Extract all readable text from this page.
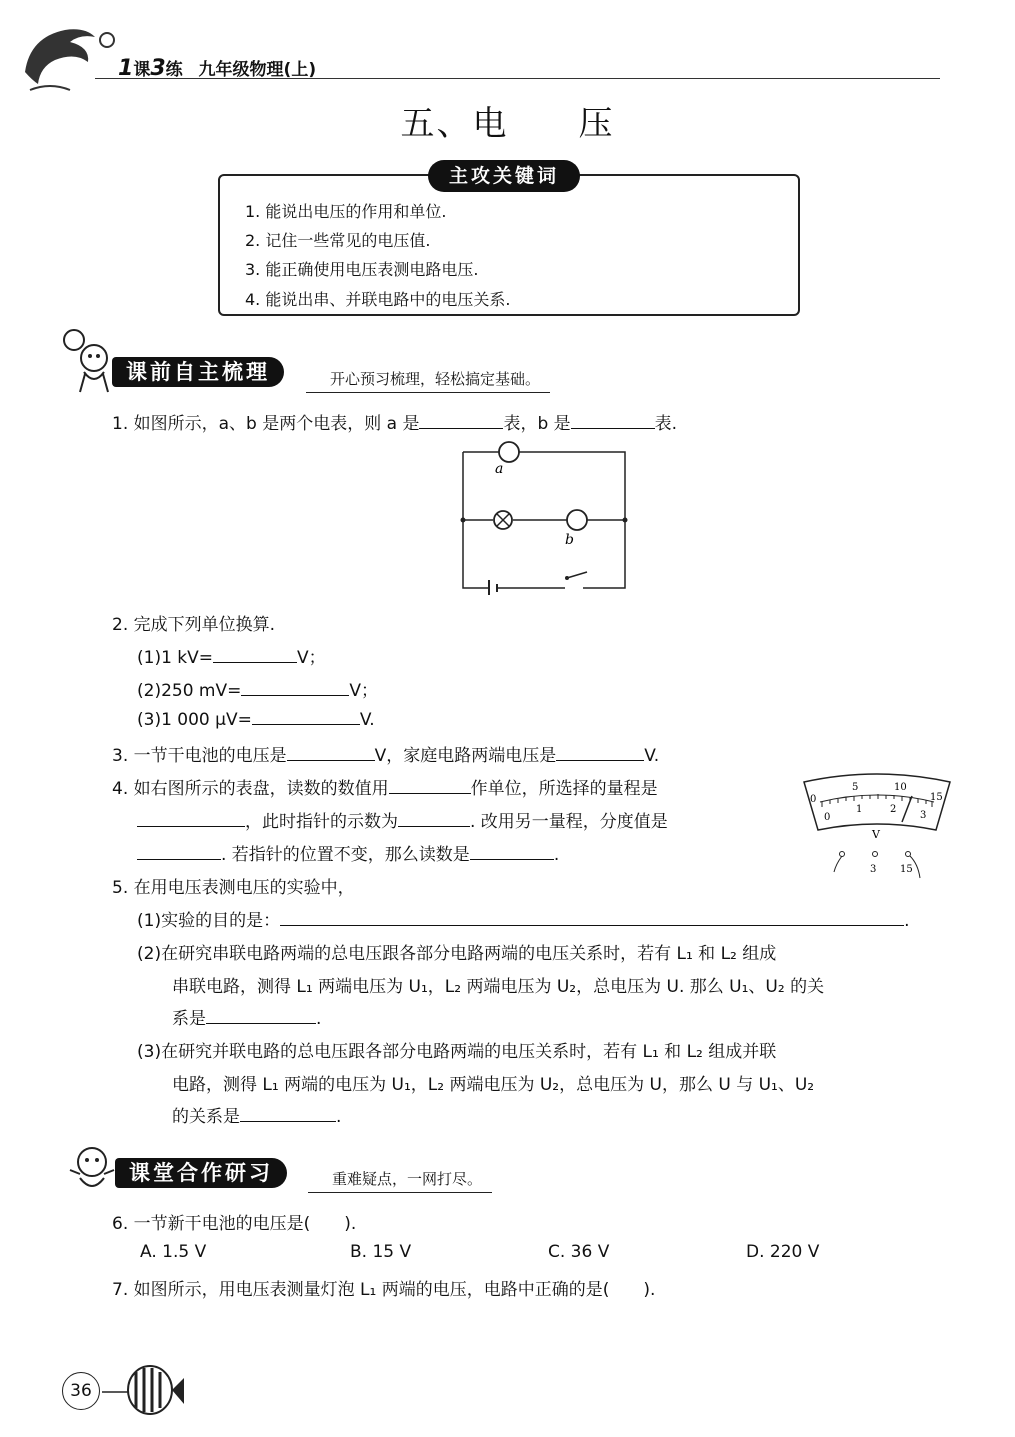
1课3练 九年级物理(上)
五、电 压
主攻关键词
1. 能说出电压的作用和单位.
2. 记住一些常见的电压值.
3. 能正确使用电压表测电路电压.
4. 能说出串、并联电路中的电压关系.
课前自主梳理	开心预习梳理，轻松搞定基础。
1. 如图所示，a、b 是两个电表，则 a 是	表，b 是	表.
a
b
2. 完成下列单位换算.
(1)1 kV=	V；
(2)250 mV=	V；
(3)1 000 μV=	V.
3. 一节干电池的电压是	V，家庭电路两端电压是	V.
4. 如右图所示的表盘，读数的数值用	作单位，所选择的量程是
，此时指针的示数为	. 改用另一量程，分度值是
. 若指针的位置不变，那么读数是	.
0
5	10
15
0
1	2
3
V
3 15
5. 在用电压表测电压的实验中，
(1)实验的目的是：	.
(2)在研究串联电路两端的总电压跟各部分电路两端的电压关系时，若有 L₁ 和 L₂ 组成
串联电路，测得 L₁ 两端电压为 U₁，L₂ 两端电压为 U₂，总电压为 U. 那么 U₁、U₂ 的关
系是	.
(3)在研究并联电路的总电压跟各部分电路两端的电压关系时，若有 L₁ 和 L₂ 组成并联
电路，测得 L₁ 两端的电压为 U₁，L₂ 两端电压为 U₂，总电压为 U，那么 U 与 U₁、U₂
的关系是	.
课堂合作研习	重难疑点，一网打尽。
6. 一节新干电池的电压是(　　).
A. 1.5 V	B. 15 V	C. 36 V	D. 220 V
7. 如图所示，用电压表测量灯泡 L₁ 两端的电压，电路中正确的是(　　).
36
